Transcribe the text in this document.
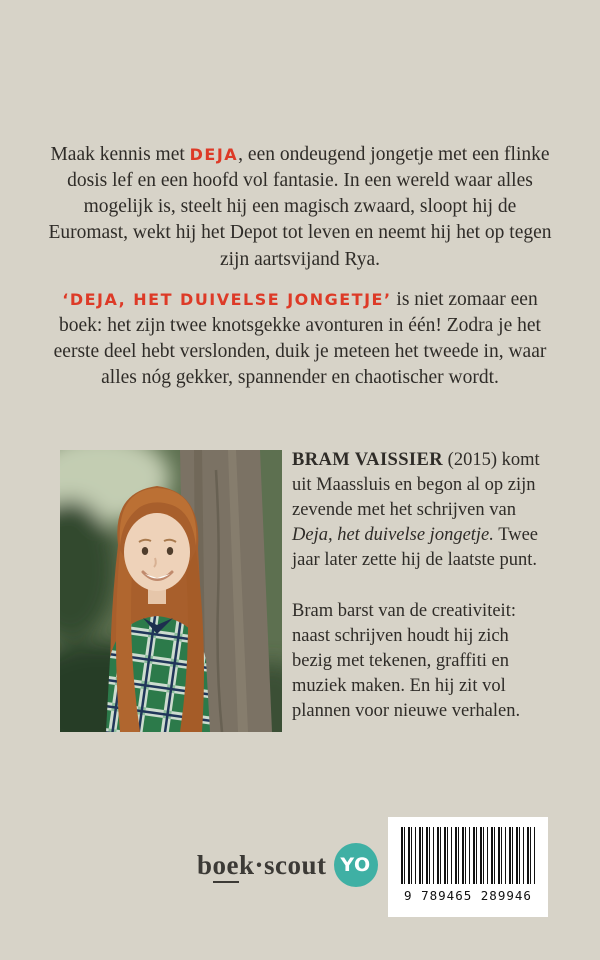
Maak kennis met DEJA, een ondeugend jongetje met een flinke dosis lef en een hoofd vol fantasie. In een wereld waar alles mogelijk is, steelt hij een magisch zwaard, sloopt hij de Euromast, wekt hij het Depot tot leven en neemt hij het op tegen zijn aartsvijand Rya.

‘DEJA, HET DUIVELSE JONGETJE’ is niet zomaar een boek: het zijn twee knotsgekke avonturen in één! Zodra je het eerste deel hebt verslonden, duik je meteen het tweede in, waar alles nóg gekker, spannender en chaotischer wordt.

BRAM VAISSIER (2015) komt uit Maassluis en begon al op zijn zevende met het schrijven van Deja, het duivelse jongetje. Twee jaar later zette hij de laatste punt.

Bram barst van de creativiteit: naast schrijven houdt hij zich bezig met tekenen, graffiti en muziek maken. En hij zit vol plannen voor nieuwe verhalen.

boek·scout YO
9 789465 289946
